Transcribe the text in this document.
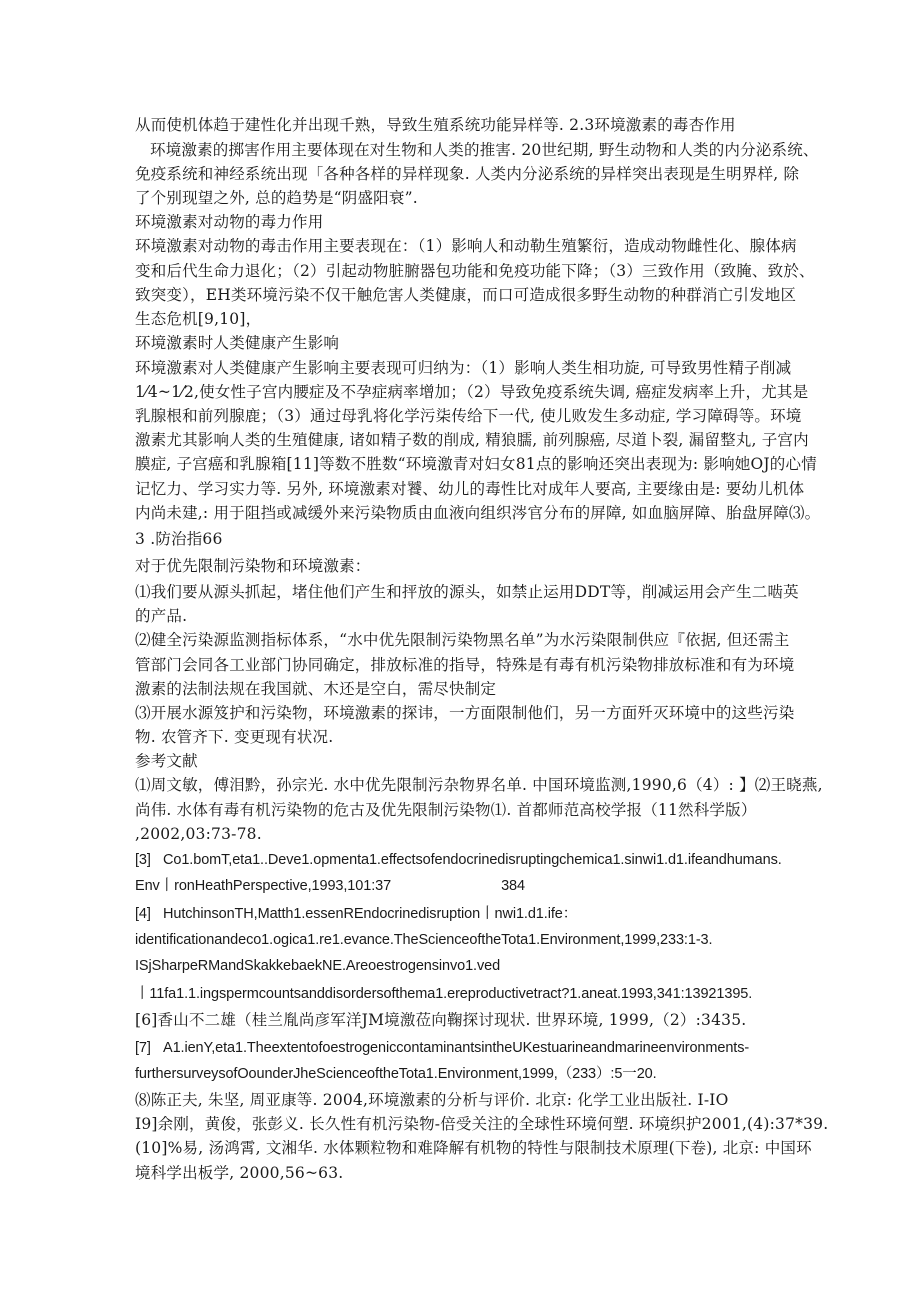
从而使机体趋于建性化并出现千熟，导致生殖系统功能异样等. 2.3环境激素的毒杏作用
环境激素的掷害作用主要体现在对生物和人类的推害. 20世纪期, 野生动物和人类的内分泌系统、
免疫系统和神经系统出现「各种各样的异样现象. 人类内分泌系统的异样突出表现是生明界样, 除
了个别现望之外, 总的趋势是“阴盛阳衰”.
环境激素对动物的毒力作用
环境激素对动物的毒击作用主要表现在：（1）影响人和动勒生殖繁衍，造成动物雌性化、腺体病
变和后代生命力退化；（2）引起动物脏腑器包功能和免疫功能下降；（3）三致作用（致腌、致於、
致突变），EH类环境污染不仅干触危害人类健康，而口可造成很多野生动物的种群消亡引发地区
生态危机[9,10]，
环境激素时人类健康产生影响
环境激素对人类健康产生影响主要表现可归纳为：（1）影响人类生相功旋, 可导致男性精子削减
1⁄4~1⁄2,使女性子宫内腰症及不孕症病率增加；（2）导致免疫系统失调, 癌症发病率上升，尤其是
乳腺根和前列腺鹿；（3）通过母乳将化学污柒传给下一代, 使儿败发生多动症, 学习障碍等。环境
激素尤其影响人类的生殖健康, 诸如精子数的削成, 精狼臑, 前列腺癌, 尽道卜裂, 漏留整丸, 子宫内
膜症, 子宫癌和乳腺箱[11]等数不胜数“环境激青对妇女81点的影响还突出表现为: 影响她OJ的心情
记忆力、学习实力等. 另外, 环境激素对饕、幼儿的毒性比对成年人要高, 主要缘由是: 要幼儿机体
内尚未建,: 用于阻挡或减缓外来污染物质由血液向组织涔官分布的屏障, 如血脑屏障、胎盘屏障⑶。
3 .防治指66
对于优先限制污染物和环境激素：
⑴我们要从源头抓起，堵住他们产生和抨放的源头，如禁止运用DDT等，削减运用会产生二啮英
的产品.
⑵健全污染源监测指标体系，“水中优先限制污染物黑名单”为水污染限制供应『依据, 但还需主
管部门会同各工业部门协同确定，排放标准的指导，特殊是有毒有机污染物排放标准和有为环境
激素的法制法规在我国就、木还是空白，需尽快制定
⑶开展水源笈护和污染物，环境激素的探讳，一方面限制他们，另一方面歼灭环境中的这些污染
物. 农管齐下. 变更现有状况.
参考文献
⑴周文敏，傅泪黔，孙宗光. 水中优先限制污杂物界名单. 中国环境监测,1990,6（4）: 】⑵王晓燕,
尚伟. 水体有毒有机污染物的危古及优先限制污染物⑴. 首都师范高校学报（11然科学版）
,2002,03:73-78.
[3] Co1.bomT,eta1..Deve1.opmenta1.effectsofendocrinedisruptingchemica1.sinwi1.d1.ifeandhumans.
Env丨ronHeathPerspective,1993,101:37	384
[4] HutchinsonTH,Matth1.essenREndocrinedisruption丨nwi1.d1.ife：
identificationandeco1.ogica1.re1.evance.TheScienceoftheTota1.Environment,1999,233:1-3.
ISjSharpeRMandSkakkebaekNE.Areoestrogensinvo1.ved
丨11fa1.1.ingspermcountsanddisordersofthema1.ereproductivetract?1.aneat.1993,341:13921395.
[6]香山不二雄（桂兰胤尚彦军洋JM境激莅向鞠探讨现状. 世界环境, 1999,（2）:3435.
[7] A1.ienY,eta1.TheextentofoestrogeniccontaminantsintheUKestuarineandmarineenvironments-
furthersurveysofOounderJheScienceoftheTota1.Environment,1999,（233）:5一20.
⑻陈正夫, 朱坚, 周亚康等. 2004,环境激素的分析与评价. 北京: 化学工业出版社. I-IO
I9]余刚，黄俊，张彭义. 长久性有机污染物-倍受关注的全球性环境何塑. 环境织护2001,(4):37*39.
(10]%易, 汤鸿霄, 文湘华. 水体颗粒物和难降解有机物的特性与限制技术原理(下卷), 北京: 中国环
境科学出板学, 2000,56~63.
